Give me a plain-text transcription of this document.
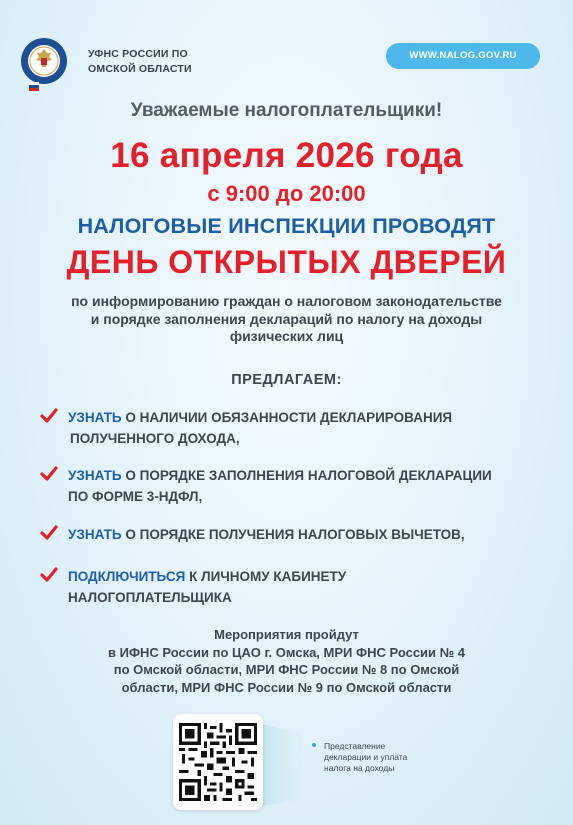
УФНС РОССИИ ПО
ОМСКОЙ ОБЛАСТИ
WWW.NALOG.GOV.RU
Уважаемые налогоплательщики!
16 апреля 2026 года
с 9:00 до 20:00
НАЛОГОВЫЕ ИНСПЕКЦИИ ПРОВОДЯТ
ДЕНЬ ОТКРЫТЫХ ДВЕРЕЙ
по информированию граждан о налоговом законодательстве
и порядке заполнения деклараций по налогу на доходы
физических лиц
ПРЕДЛАГАЕМ:
УЗНАТЬ О НАЛИЧИИ ОБЯЗАННОСТИ ДЕКЛАРИРОВАНИЯ
ПОЛУЧЕННОГО ДОХОДА,
УЗНАТЬ О ПОРЯДКЕ ЗАПОЛНЕНИЯ НАЛОГОВОЙ ДЕКЛАРАЦИИ
ПО ФОРМЕ 3-НДФЛ,
УЗНАТЬ О ПОРЯДКЕ ПОЛУЧЕНИЯ НАЛОГОВЫХ ВЫЧЕТОВ,
ПОДКЛЮЧИТЬСЯ К ЛИЧНОМУ КАБИНЕТУ
НАЛОГОПЛАТЕЛЬЩИКА
Мероприятия пройдут
в ИФНС России по ЦАО г. Омска, МРИ ФНС России № 4
по Омской области, МРИ ФНС России № 8 по Омской
области, МРИ ФНС России № 9 по Омской области
Представление
декларации и уплата
налога на доходы
